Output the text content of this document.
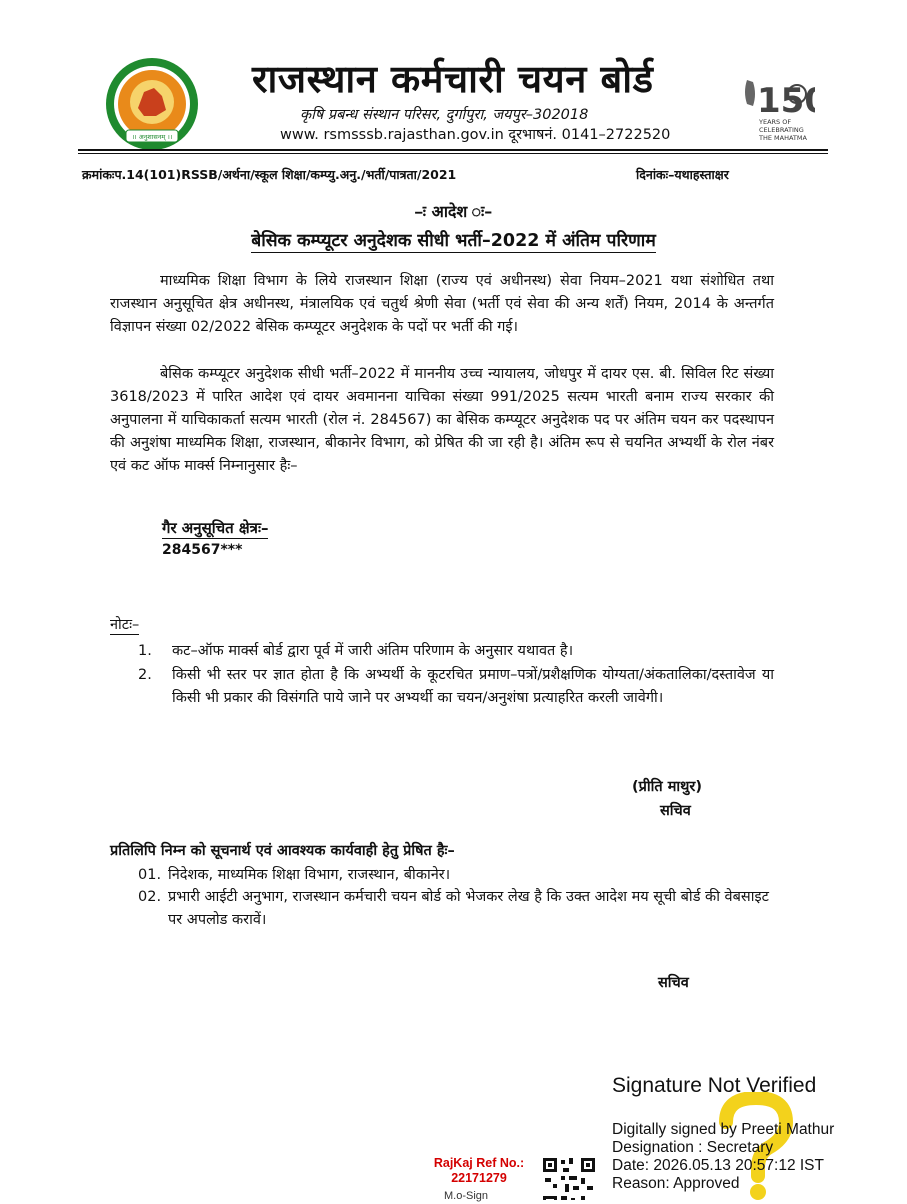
।। अनुशासनम् ।।
15
YEARS OF
CELEBRATING
THE MAHATMA
राजस्थान कर्मचारी चयन बोर्ड
कृषि प्रबन्ध संस्थान परिसर, दुर्गापुरा, जयपुर–302018
www. rsmsssb.rajasthan.gov.in दूरभाषनं. 0141–2722520
क्रमांकःप.14(101)RSSB/अर्थना/स्कूल शिक्षा/कम्प्यु.अनु./भर्ती/पात्रता/2021	दिनांकः–यथाहस्ताक्षर
–ः आदेश ः–
बेसिक कम्प्यूटर अनुदेशक सीधी भर्ती–2022 में अंतिम परिणाम
माध्यमिक शिक्षा विभाग के लिये राजस्थान शिक्षा (राज्य एवं अधीनस्थ) सेवा नियम–2021 यथा संशोधित तथा राजस्थान अनुसूचित क्षेत्र अधीनस्थ, मंत्रालयिक एवं चतुर्थ श्रेणी सेवा (भर्ती एवं सेवा की अन्य शर्तें) नियम, 2014 के अन्तर्गत विज्ञापन संख्या 02/2022 बेसिक कम्प्यूटर अनुदेशक के पदों पर भर्ती की गई।
बेसिक कम्प्यूटर अनुदेशक सीधी भर्ती–2022 में माननीय उच्च न्यायालय, जोधपुर में दायर एस. बी. सिविल रिट संख्या 3618/2023 में पारित आदेश एवं दायर अवमानना याचिका संख्या 991/2025 सत्यम भारती बनाम राज्य सरकार की अनुपालना में याचिकाकर्ता सत्यम भारती (रोल नं. 284567) का बेसिक कम्प्यूटर अनुदेशक पद पर अंतिम चयन कर पदस्थापन की अनुशंषा माध्यमिक शिक्षा, राजस्थान, बीकानेर विभाग, को प्रेषित की जा रही है। अंतिम रूप से चयनित अभ्यर्थी के रोल नंबर एवं कट ऑफ मार्क्स निम्नानुसार हैः–
गैर अनुसूचित क्षेत्रः–
284567***
नोटः–
1. कट–ऑफ मार्क्स बोर्ड द्वारा पूर्व में जारी अंतिम परिणाम के अनुसार यथावत है।
2. किसी भी स्तर पर ज्ञात होता है कि अभ्यर्थी के कूटरचित प्रमाण–पत्रों/प्रशैक्षणिक योग्यता/अंकतालिका/दस्तावेज या किसी भी प्रकार की विसंगति पाये जाने पर अभ्यर्थी का चयन/अनुशंषा प्रत्याहरित करली जावेगी।
(प्रीति माथुर)
सचिव
प्रतिलिपि निम्न को सूचनार्थ एवं आवश्यक कार्यवाही हेतु प्रेषित हैः–
01. निदेशक, माध्यमिक शिक्षा विभाग, राजस्थान, बीकानेर।
02. प्रभारी आईटी अनुभाग, राजस्थान कर्मचारी चयन बोर्ड को भेजकर लेख है कि उक्त आदेश मय सूची बोर्ड की वेबसाइट पर अपलोड करावें।
सचिव
Signature Not Verified
Digitally signed by Preeti Mathur
Designation : Secretary
Date: 2026.05.13 20:57:12 IST
Reason: Approved
RajKaj Ref No.:
22171279
M.o-Sign
